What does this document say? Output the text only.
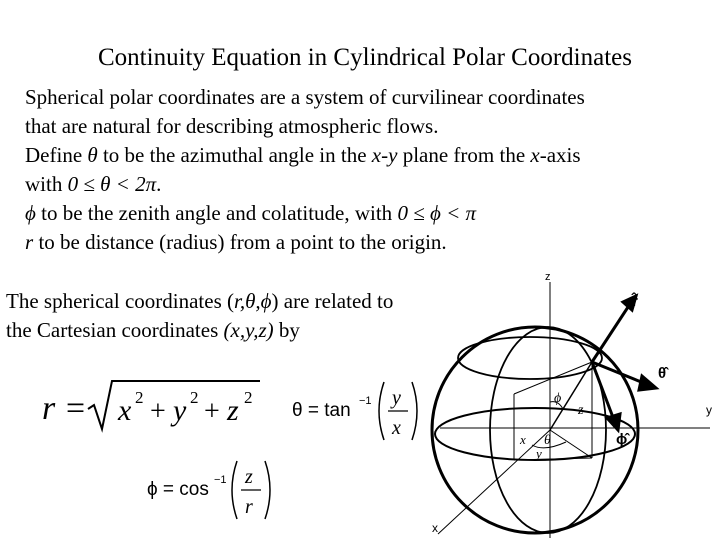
Continuity Equation in Cylindrical Polar Coordinates
Spherical polar coordinates are a system of curvilinear coordinates
that are natural for describing atmospheric flows.
Define θ to be the azimuthal angle in the x-y plane from the x-axis
with 0 ≤ θ < 2π.
ϕ to be the zenith angle and colatitude, with 0 ≤ ϕ < π
r to be distance (radius) from a point to the origin.
The spherical coordinates (r,θ,ϕ) are related to
the Cartesian coordinates (x,y,z) by
r = x 2 + y 2 + z 2
θ = tan −1 y
x
ϕ = cos −1 z
r
z
y
x
r̂
θ̂
ϕ̂
ϕ
θ
z
x
y
